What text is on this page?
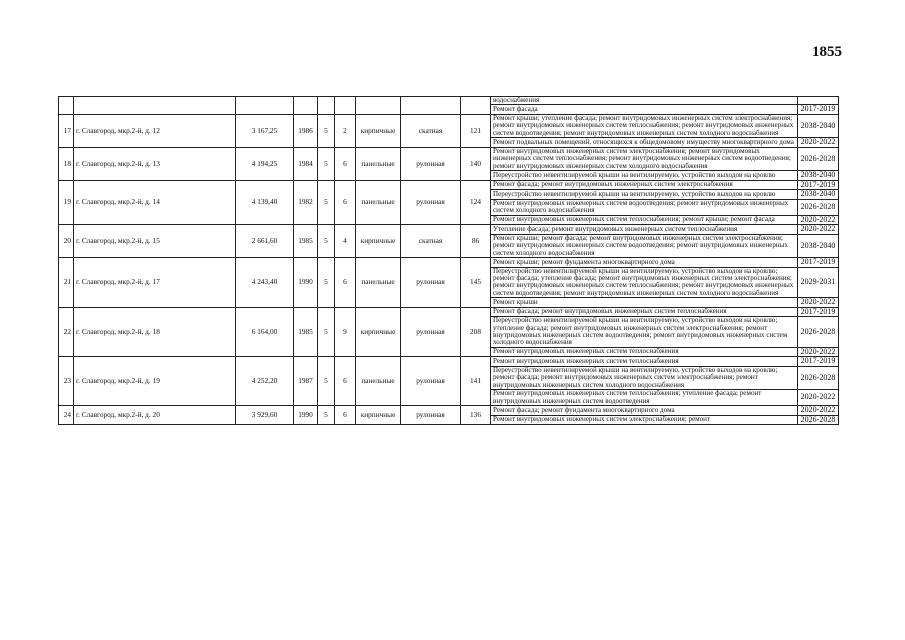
1855
									водоснабжения	
									Ремонт фасада	2017-2019
17	г. Славгород, мкр.2-й, д. 12	3 167,25	1986	5	2	кирпичные	скатная	121	Ремонт крыши; утепление фасада; ремонт внутридомовых инженерных систем электроснабжения; ремонт внутридомовых инженерных систем теплоснабжения; ремонт внутридомовых инженерных систем водоотведения; ремонт внутридомовых инженерных систем холодного водоснабжения	2038-2040
									Ремонт подвальных помещений, относящихся к общедомовому имуществу многоквартирного дома	2020-2022
18	г. Славгород, мкр.2-й, д. 13	4 194,25	1984	5	6	панельные	рулонная	140	Ремонт внутридомовых инженерных систем электроснабжения; ремонт внутридомовых инженерных систем теплоснабжения; ремонт внутридомовых инженерных систем водоотведения; ремонт внутридомовых инженерных систем холодного водоснабжения	2026-2028
									Переустройство невентилируемой крыши на вентилируемую, устройство выходов на кровлю	2038-2040
19	г. Славгород, мкр.2-й, д. 14	4 139,40	1982	5	6	панельные	рулонная	124	Ремонт фасада; ремонт внутридомовых инженерных систем электроснабжения	2017-2019
									Переустройство невентилируемой крыши на вентилируемую, устройство выходов на кровлю	2038-2040
									Ремонт внутридомовых инженерных систем водоотведения; ремонт внутридомовых инженерных систем холодного водоснабжения	2026-2028
									Ремонт внутридомовых инженерных систем теплоснабжения; ремонт крыши; ремонт фасада	2020-2022
20	г. Славгород, мкр.2-й, д. 15	2 661,60	1985	5	4	кирпичные	скатная	86	Утепление фасада; ремонт внутридомовых инженерных систем теплоснабжения	2020-2022
									Ремонт крыши; ремонт фасада; ремонт внутридомовых инженерных систем электроснабжения; ремонт внутридомовых инженерных систем водоотведения; ремонт внутридомовых инженерных систем холодного водоснабжения	2038-2040
21	г. Славгород, мкр.2-й, д. 17	4 243,40	1990	5	6	панельные	рулонная	145	Ремонт крыши; ремонт фундамента многоквартирного дома	2017-2019
									Переустройство невентилируемой крыши на вентилируемую, устройство выходов на кровлю; ремонт фасада; утепление фасада; ремонт внутридомовых инженерных систем электроснабжения; ремонт внутридомовых инженерных систем теплоснабжения; ремонт внутридомовых инженерных систем водоотведения; ремонт внутридомовых инженерных систем холодного водоснабжения	2029-2031
									Ремонт крыши	2020-2022
22	г. Славгород, мкр.2-й, д. 18	6 164,00	1985	5	9	кирпичные	рулонная	208	Ремонт фасада; ремонт внутридомовых инженерных систем теплоснабжения	2017-2019
									Переустройство невентилируемой крыши на вентилируемую, устройство выходов на кровлю; утепление фасада; ремонт внутридомовых инженерных систем электроснабжения; ремонт внутридомовых инженерных систем водоотведения; ремонт внутридомовых инженерных систем холодного водоснабжения	2026-2028
									Ремонт внутридомовых инженерных систем теплоснабжения	2020-2022
23	г. Славгород, мкр.2-й, д. 19	4 252,20	1987	5	6	панельные	рулонная	141	Ремонт внутридомовых инженерных систем теплоснабжения	2017-2019
									Переустройство невентилируемой крыши на вентилируемую, устройство выходов на кровлю; ремонт фасада; ремонт внутридомовых инженерных систем электроснабжения; ремонт внутридомовых инженерных систем холодного водоснабжения	2026-2028
									Ремонт внутридомовых инженерных систем теплоснабжения; утепление фасада; ремонт внутридомовых инженерных систем водоотведения	2020-2022
24	г. Славгород, мкр.2-й, д. 20	3 929,60	1990	5	6	кирпичные	рулонная	136	Ремонт фасада; ремонт фундамента многоквартирного дома	2020-2022
									Ремонт внутридомовых инженерных систем электроснабжения; ремонт	2026-2028
